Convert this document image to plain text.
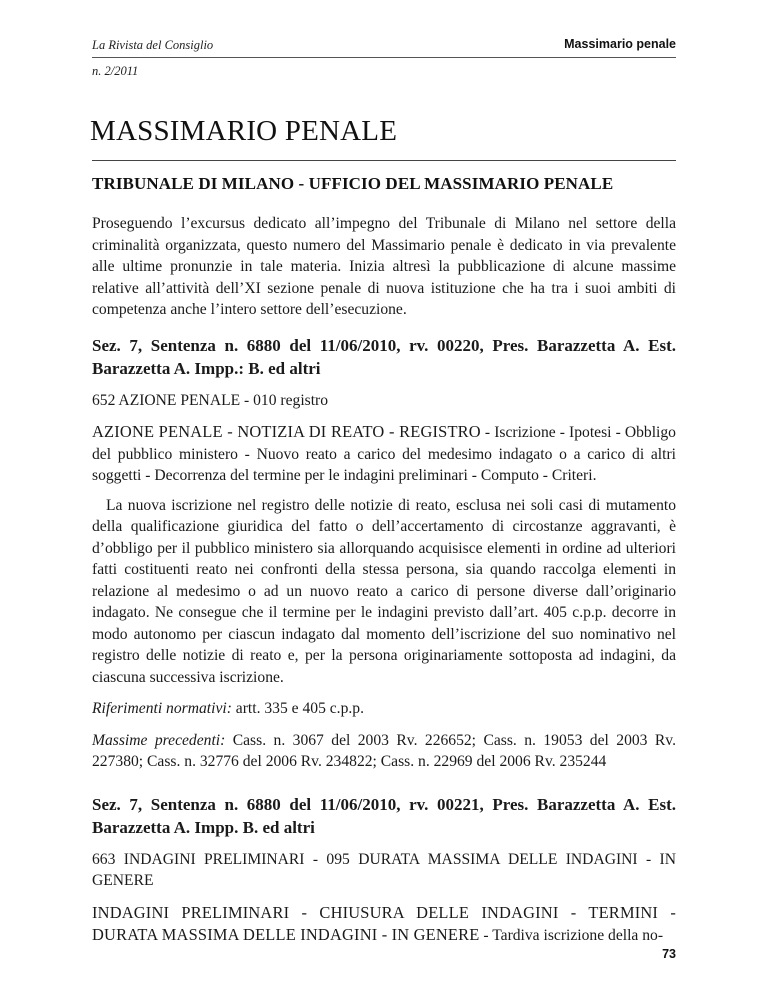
La Rivista del Consiglio	Massimario penale
n. 2/2011
MASSIMARIO PENALE
TRIBUNALE DI MILANO - UFFICIO DEL MASSIMARIO PENALE

Proseguendo l’excursus dedicato all’impegno del Tribunale di Milano nel settore della criminalità organizzata, questo numero del Massimario penale è dedicato in via prevalente alle ultime pronunzie in tale materia. Inizia altresì la pubblicazione di alcune massime relative all’attività dell’XI sezione penale di nuova istituzione che ha tra i suoi ambiti di competenza anche l’intero settore dell’esecuzione.

Sez. 7, Sentenza n. 6880 del 11/06/2010, rv. 00220, Pres. Barazzetta A. Est. Barazzetta A. Impp.: B. ed altri

652 AZIONE PENALE - 010 registro

AZIONE PENALE - NOTIZIA DI REATO - REGISTRO - Iscrizione - Ipotesi - Obbligo del pubblico ministero - Nuovo reato a carico del medesimo indagato o a carico di altri soggetti - Decorrenza del termine per le indagini preliminari - Computo - Criteri.

La nuova iscrizione nel registro delle notizie di reato, esclusa nei soli casi di mutamento della qualificazione giuridica del fatto o dell’accertamento di circostanze aggravanti, è d’obbligo per il pubblico ministero sia allorquando acquisisce elementi in ordine ad ulteriori fatti costituenti reato nei confronti della stessa persona, sia quando raccolga elementi in relazione al medesimo o ad un nuovo reato a carico di persone diverse dall’originario indagato. Ne consegue che il termine per le indagini previsto dall’art. 405 c.p.p. decorre in modo autonomo per ciascun indagato dal momento dell’iscrizione del suo nominativo nel registro delle notizie di reato e, per la persona originariamente sottoposta ad indagini, da ciascuna successiva iscrizione.

Riferimenti normativi: artt. 335 e 405 c.p.p.

Massime precedenti: Cass. n. 3067 del 2003 Rv. 226652; Cass. n. 19053 del 2003 Rv. 227380; Cass. n. 32776 del 2006 Rv. 234822; Cass. n. 22969 del 2006 Rv. 235244

Sez. 7, Sentenza n. 6880 del 11/06/2010, rv. 00221, Pres. Barazzetta A. Est. Barazzetta A. Impp. B. ed altri

663 INDAGINI PRELIMINARI - 095 DURATA MASSIMA DELLE INDAGINI - IN GENERE

INDAGINI PRELIMINARI - CHIUSURA DELLE INDAGINI - TERMINI - DURATA MASSIMA DELLE INDAGINI - IN GENERE - Tardiva iscrizione della no-

73
